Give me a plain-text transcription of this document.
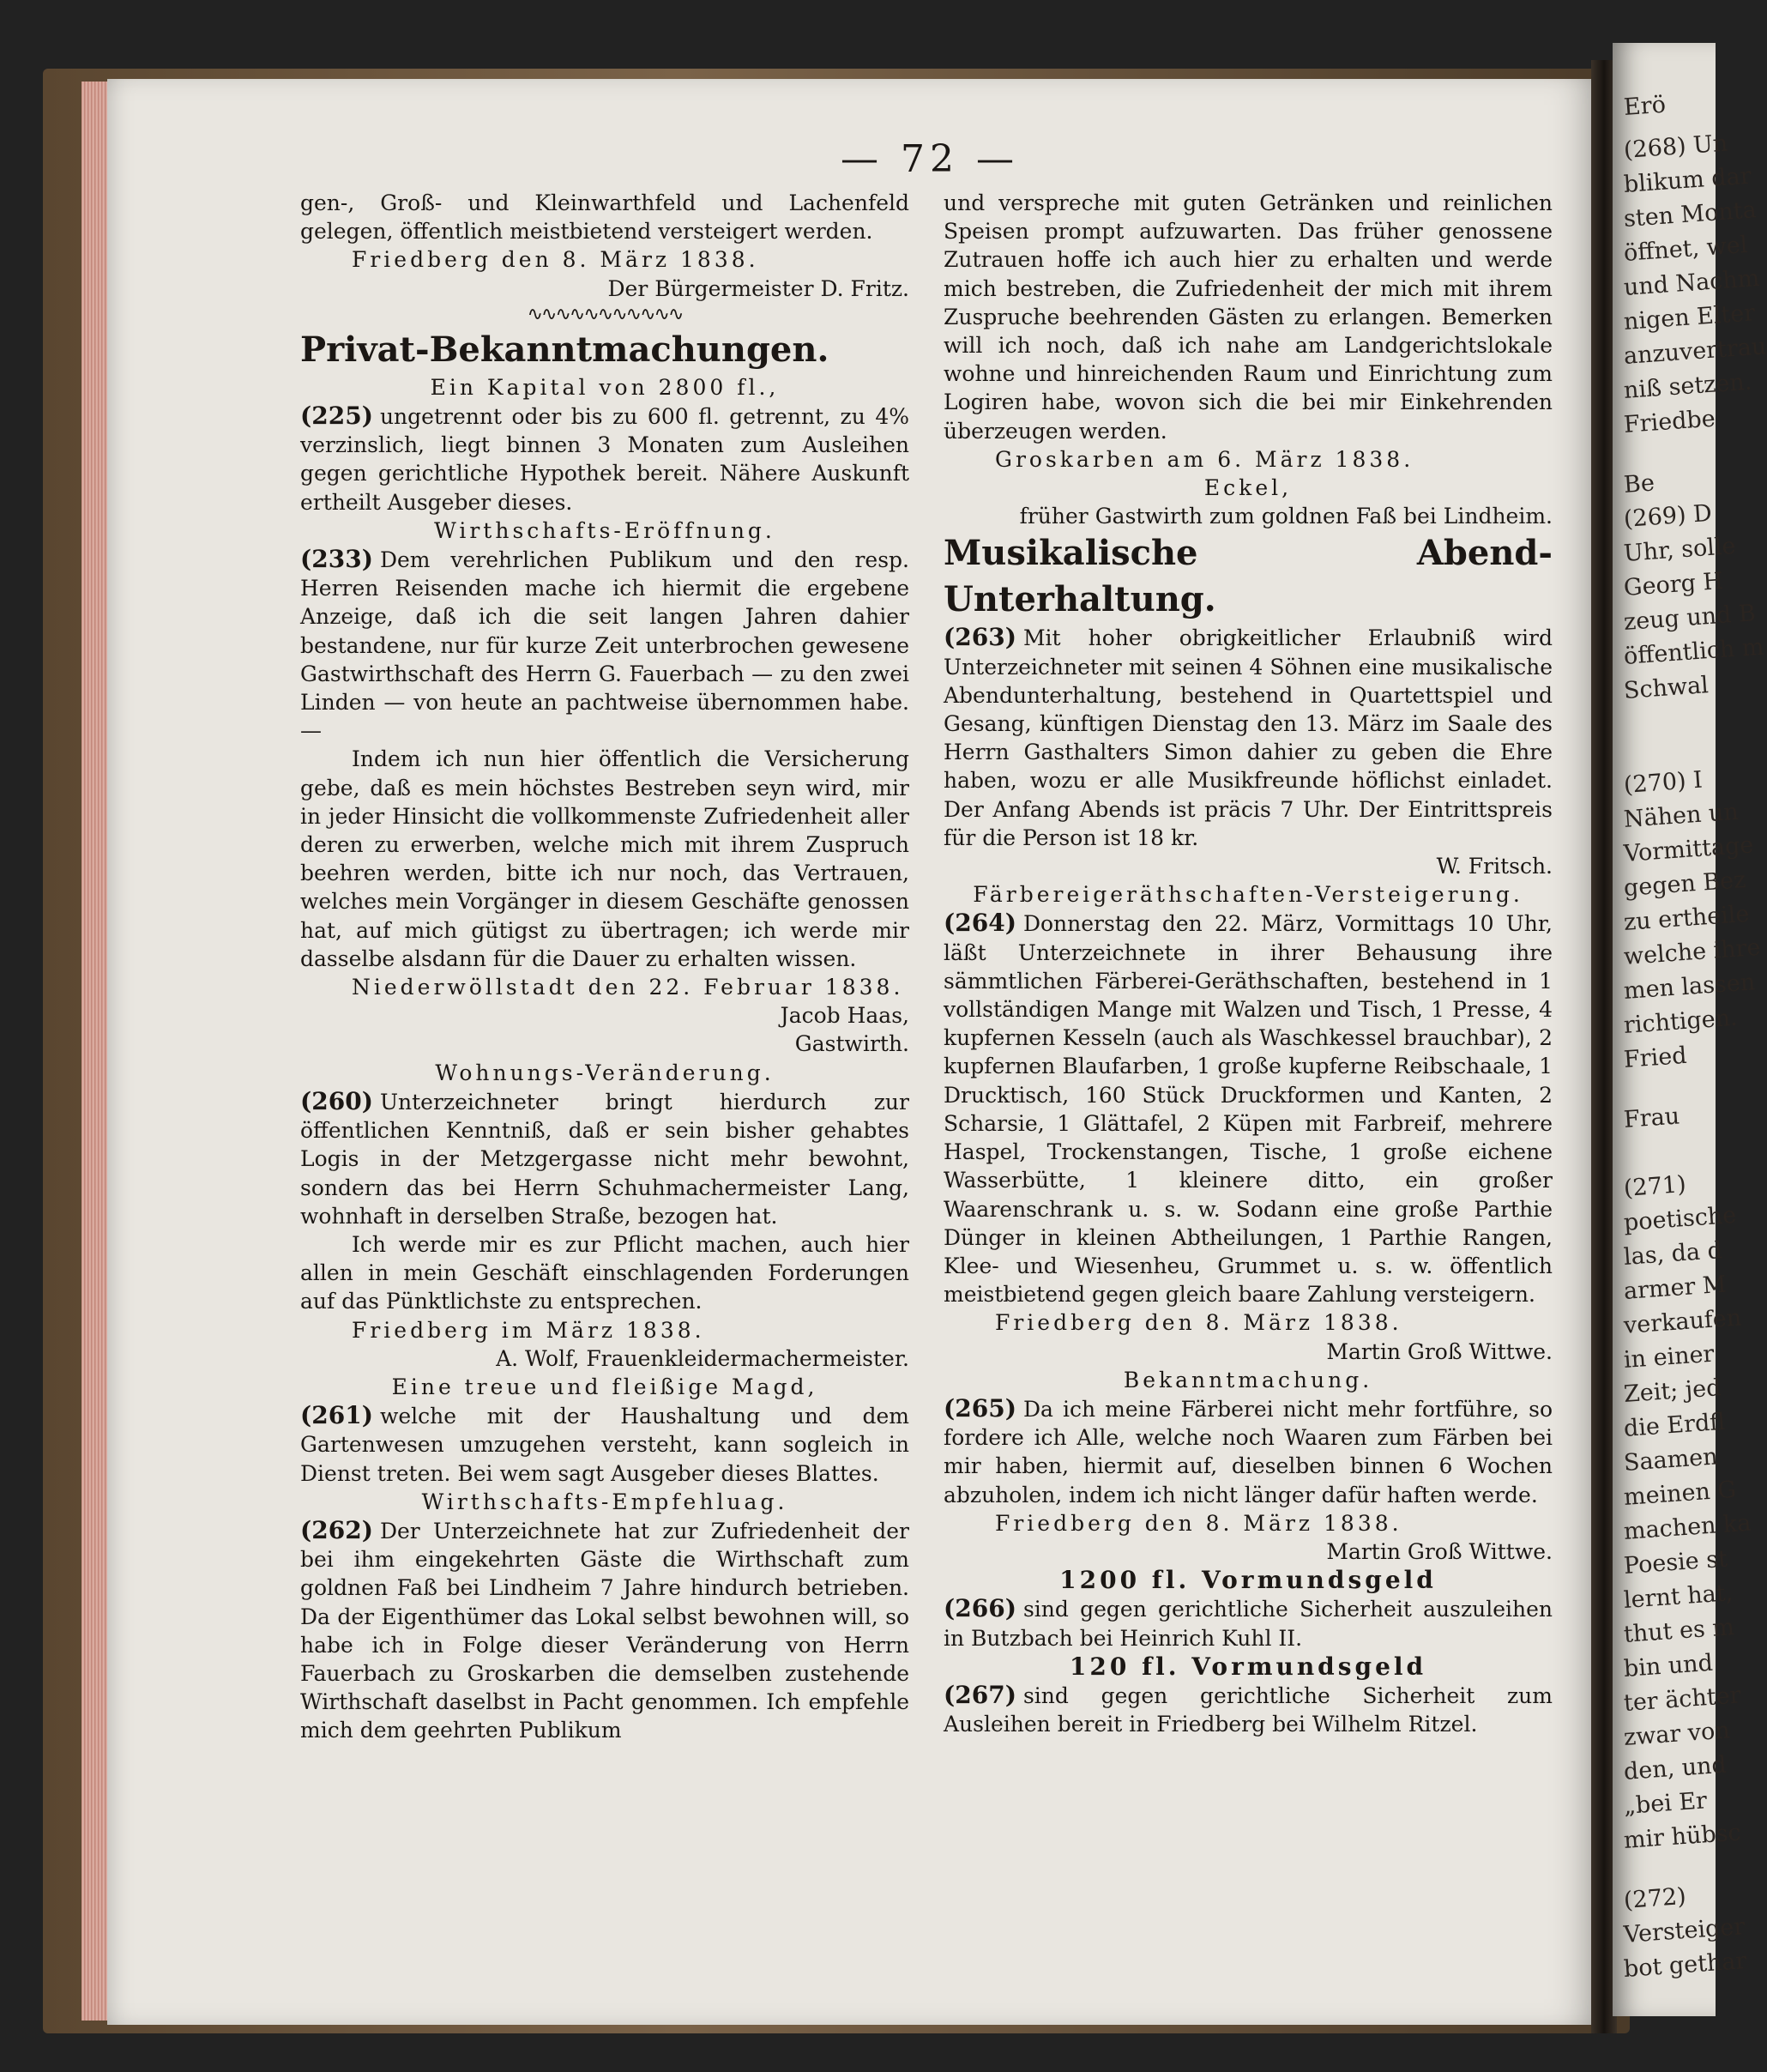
Erö
(268) Un
blikum dar
sten Monta
öffnet, wel
und Nachm
nigen Elter
anzuvertrau
niß setzen.
Friedbe
Be
(269) D
Uhr, solle
Georg H
zeug und B
öffentlich m
Schwal
(270) I
Nähen un
Vormittage
gegen Bez
zu ertheile
welche ihre
men lassen
richtigen.
Fried
Frau
(271)
poetische
las, da d
armer M
verkaufen
in einer
Zeit; jed
die Erdfl
Saamen
meinen G
machen ka
Poesie st
lernt hat,
thut es m
bin und
ter ächter
zwar von
den, und
„bei Er
mir hübsc
(272)
Versteiger
bot gethar
— 72 —

gen-, Groß- und Kleinwarthfeld und Lachenfeld gelegen, öffentlich meistbietend versteigert werden.

Friedberg den 8. März 1838.

Der Bürgermeister D. Fritz.

∿∿∿∿∿∿∿∿∿∿∿

Privat-Bekanntmachungen.

Ein Kapital von 2800 fl.,

(225) ungetrennt oder bis zu 600 fl. getrennt, zu 4% verzinslich, liegt binnen 3 Monaten zum Ausleihen gegen gerichtliche Hypothek bereit. Nähere Auskunft ertheilt Ausgeber dieses.

Wirthschafts-Eröffnung.

(233) Dem verehrlichen Publikum und den resp. Herren Reisenden mache ich hiermit die ergebene Anzeige, daß ich die seit langen Jahren dahier bestandene, nur für kurze Zeit unterbrochen gewesene Gastwirthschaft des Herrn G. Fauerbach — zu den zwei Linden — von heute an pachtweise übernommen habe. —

Indem ich nun hier öffentlich die Versicherung gebe, daß es mein höchstes Bestreben seyn wird, mir in jeder Hinsicht die vollkommenste Zufriedenheit aller deren zu erwerben, welche mich mit ihrem Zuspruch beehren werden, bitte ich nur noch, das Vertrauen, welches mein Vorgänger in diesem Geschäfte genossen hat, auf mich gütigst zu übertragen; ich werde mir dasselbe alsdann für die Dauer zu erhalten wissen.

Niederwöllstadt den 22. Februar 1838.

Jacob Haas,

Gastwirth.

Wohnungs-Veränderung.

(260) Unterzeichneter bringt hierdurch zur öffentlichen Kenntniß, daß er sein bisher gehabtes Logis in der Metzgergasse nicht mehr bewohnt, sondern das bei Herrn Schuhmachermeister Lang, wohnhaft in derselben Straße, bezogen hat.

Ich werde mir es zur Pflicht machen, auch hier allen in mein Geschäft einschlagenden Forderungen auf das Pünktlichste zu entsprechen.

Friedberg im März 1838.

A. Wolf, Frauenkleidermachermeister.

Eine treue und fleißige Magd,

(261) welche mit der Haushaltung und dem Gartenwesen umzugehen versteht, kann sogleich in Dienst treten. Bei wem sagt Ausgeber dieses Blattes.

Wirthschafts-Empfehluag.

(262) Der Unterzeichnete hat zur Zufriedenheit der bei ihm eingekehrten Gäste die Wirthschaft zum goldnen Faß bei Lindheim 7 Jahre hindurch betrieben. Da der Eigenthümer das Lokal selbst bewohnen will, so habe ich in Folge dieser Veränderung von Herrn Fauerbach zu Groskarben die demselben zustehende Wirthschaft daselbst in Pacht genommen. Ich empfehle mich dem geehrten Publikum

und verspreche mit guten Getränken und reinlichen Speisen prompt aufzuwarten. Das früher genossene Zutrauen hoffe ich auch hier zu erhalten und werde mich bestreben, die Zufriedenheit der mich mit ihrem Zuspruche beehrenden Gästen zu erlangen. Bemerken will ich noch, daß ich nahe am Landgerichtslokale wohne und hinreichenden Raum und Einrichtung zum Logiren habe, wovon sich die bei mir Einkehrenden überzeugen werden.

Groskarben am 6. März 1838.

Eckel,

früher Gastwirth zum goldnen Faß bei Lindheim.

Musikalische Abend-Unterhaltung.

(263) Mit hoher obrigkeitlicher Erlaubniß wird Unterzeichneter mit seinen 4 Söhnen eine musikalische Abendunterhaltung, bestehend in Quartettspiel und Gesang, künftigen Dienstag den 13. März im Saale des Herrn Gasthalters Simon dahier zu geben die Ehre haben, wozu er alle Musikfreunde höflichst einladet. Der Anfang Abends ist präcis 7 Uhr. Der Eintrittspreis für die Person ist 18 kr.

W. Fritsch.

Färbereigeräthschaften-Versteigerung.

(264) Donnerstag den 22. März, Vormittags 10 Uhr, läßt Unterzeichnete in ihrer Behausung ihre sämmtlichen Färberei-Geräthschaften, bestehend in 1 vollständigen Mange mit Walzen und Tisch, 1 Presse, 4 kupfernen Kesseln (auch als Waschkessel brauchbar), 2 kupfernen Blaufarben, 1 große kupferne Reibschaale, 1 Drucktisch, 160 Stück Druckformen und Kanten, 2 Scharsie, 1 Glättafel, 2 Küpen mit Farbreif, mehrere Haspel, Trockenstangen, Tische, 1 große eichene Wasserbütte, 1 kleinere ditto, ein großer Waarenschrank u. s. w. Sodann eine große Parthie Dünger in kleinen Abtheilungen, 1 Parthie Rangen, Klee- und Wiesenheu, Grummet u. s. w. öffentlich meistbietend gegen gleich baare Zahlung versteigern.

Friedberg den 8. März 1838.

Martin Groß Wittwe.

Bekanntmachung.

(265) Da ich meine Färberei nicht mehr fortführe, so fordere ich Alle, welche noch Waaren zum Färben bei mir haben, hiermit auf, dieselben binnen 6 Wochen abzuholen, indem ich nicht länger dafür haften werde.

Friedberg den 8. März 1838.

Martin Groß Wittwe.

1200 fl. Vormundsgeld

(266) sind gegen gerichtliche Sicherheit auszuleihen in Butzbach bei Heinrich Kuhl II.

120 fl. Vormundsgeld

(267) sind gegen gerichtliche Sicherheit zum Ausleihen bereit in Friedberg bei Wilhelm Ritzel.
